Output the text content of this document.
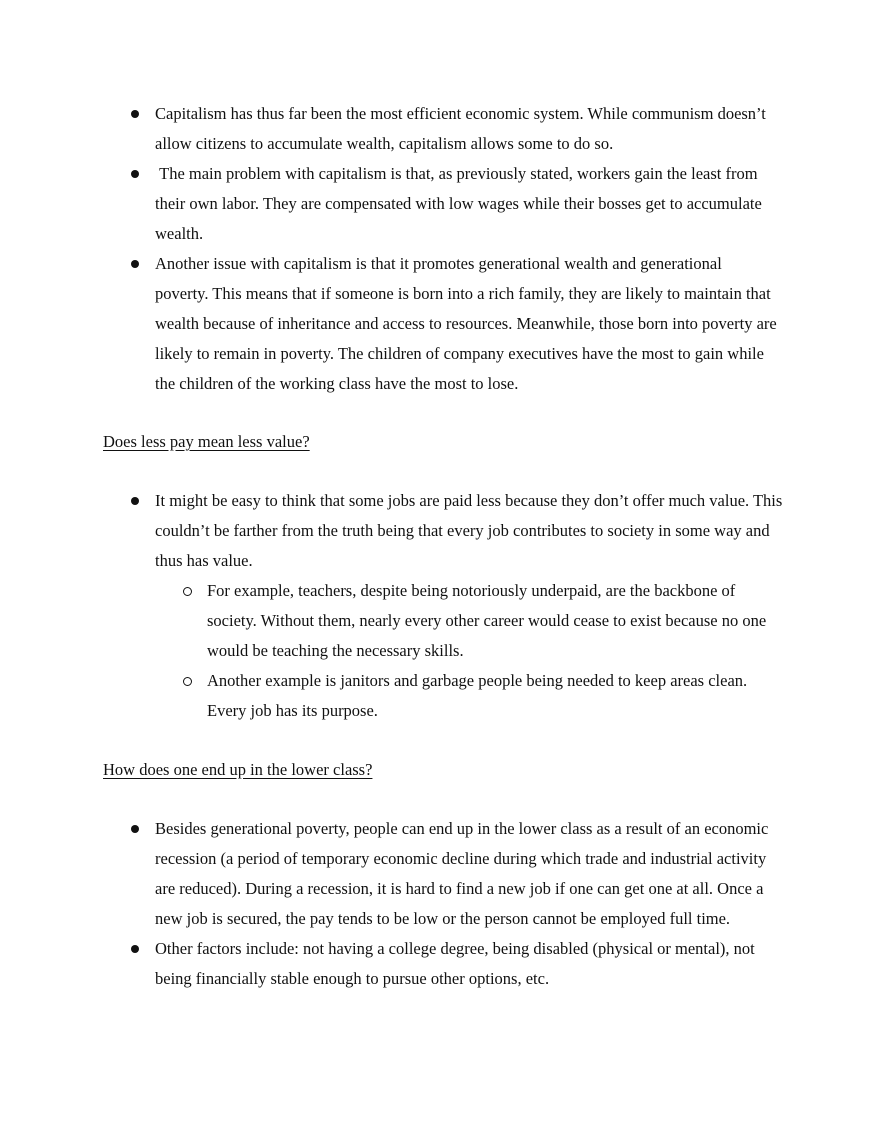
Capitalism has thus far been the most efficient economic system. While communism doesn’t allow citizens to accumulate wealth, capitalism allows some to do so.
The main problem with capitalism is that, as previously stated, workers gain the least from their own labor. They are compensated with low wages while their bosses get to accumulate wealth.
Another issue with capitalism is that it promotes generational wealth and generational poverty. This means that if someone is born into a rich family, they are likely to maintain that wealth because of inheritance and access to resources. Meanwhile, those born into poverty are likely to remain in poverty. The children of company executives have the most to gain while the children of the working class have the most to lose.
Does less pay mean less value?
It might be easy to think that some jobs are paid less because they don’t offer much value. This couldn’t be farther from the truth being that every job contributes to society in some way and thus has value.
For example, teachers, despite being notoriously underpaid, are the backbone of society. Without them, nearly every other career would cease to exist because no one would be teaching the necessary skills.
Another example is janitors and garbage people being needed to keep areas clean. Every job has its purpose.
How does one end up in the lower class?
Besides generational poverty, people can end up in the lower class as a result of an economic recession (a period of temporary economic decline during which trade and industrial activity are reduced). During a recession, it is hard to find a new job if one can get one at all. Once a new job is secured, the pay tends to be low or the person cannot be employed full time.
Other factors include: not having a college degree, being disabled (physical or mental), not being financially stable enough to pursue other options, etc.
